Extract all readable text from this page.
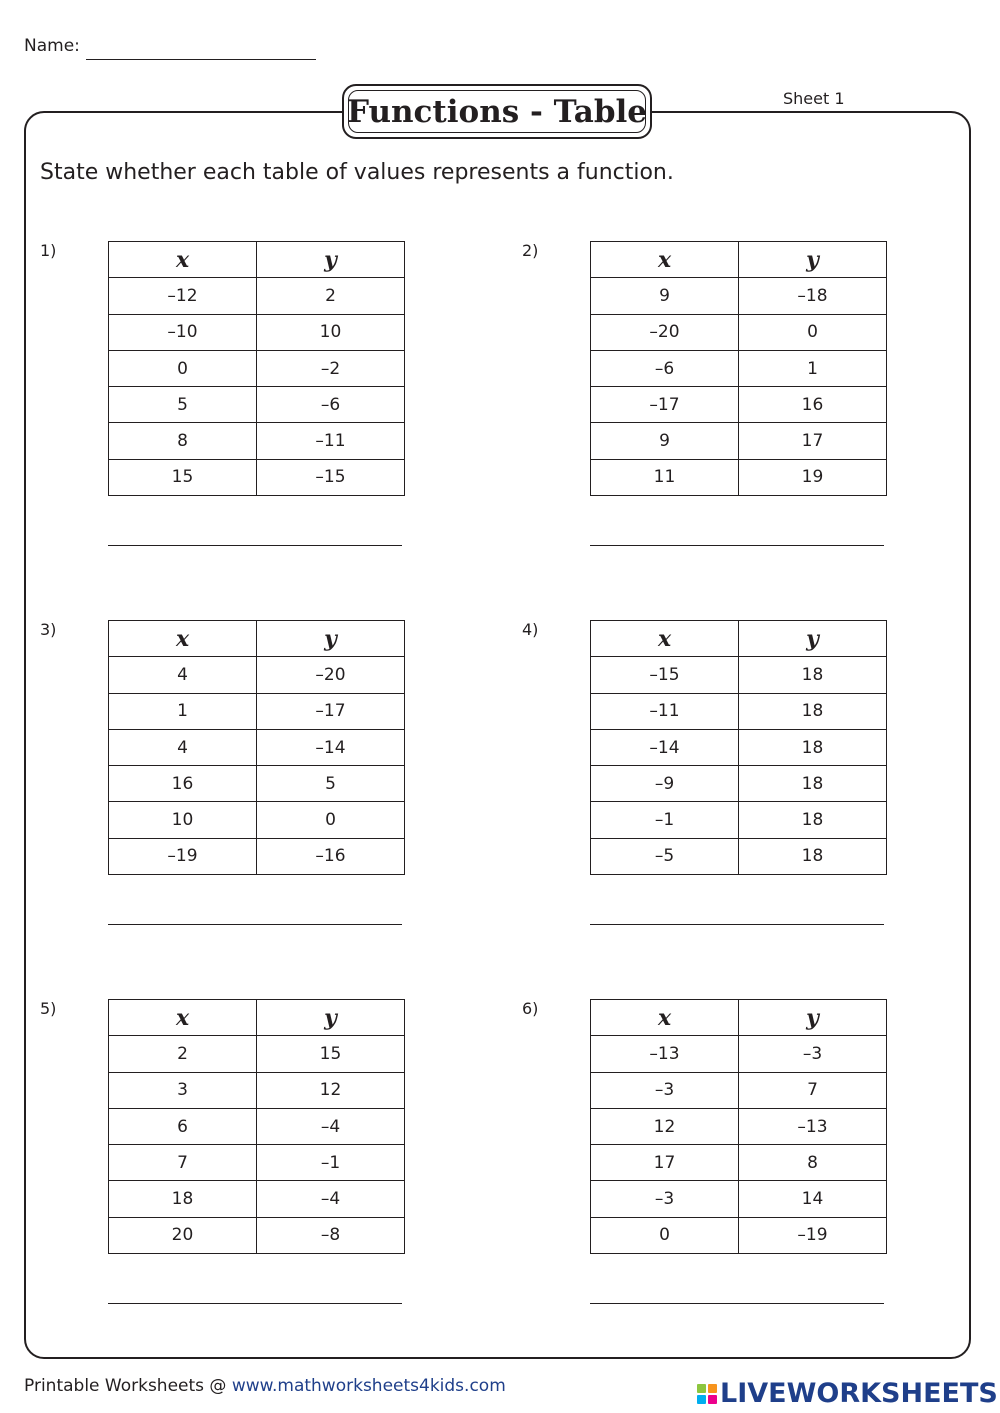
Name:
Functions - Table	Sheet 1
State whether each table of values represents a function.
1)	x	y
–12	2
–10	10
0	–2
5	–6
8	–11
15	–15
2)	x	y
9	–18
–20	0
–6	1
–17	16
9	17
11	19
3)	x	y
4	–20
1	–17
4	–14
16	5
10	0
–19	–16
4)	x	y
–15	18
–11	18
–14	18
–9	18
–1	18
–5	18
5)	x	y
2	15
3	12
6	–4
7	–1
18	–4
20	–8
6)	x	y
–13	–3
–3	7
12	–13
17	8
–3	14
0	–19
Printable Worksheets @ www.mathworksheets4kids.com	LIVEWORKSHEETS
